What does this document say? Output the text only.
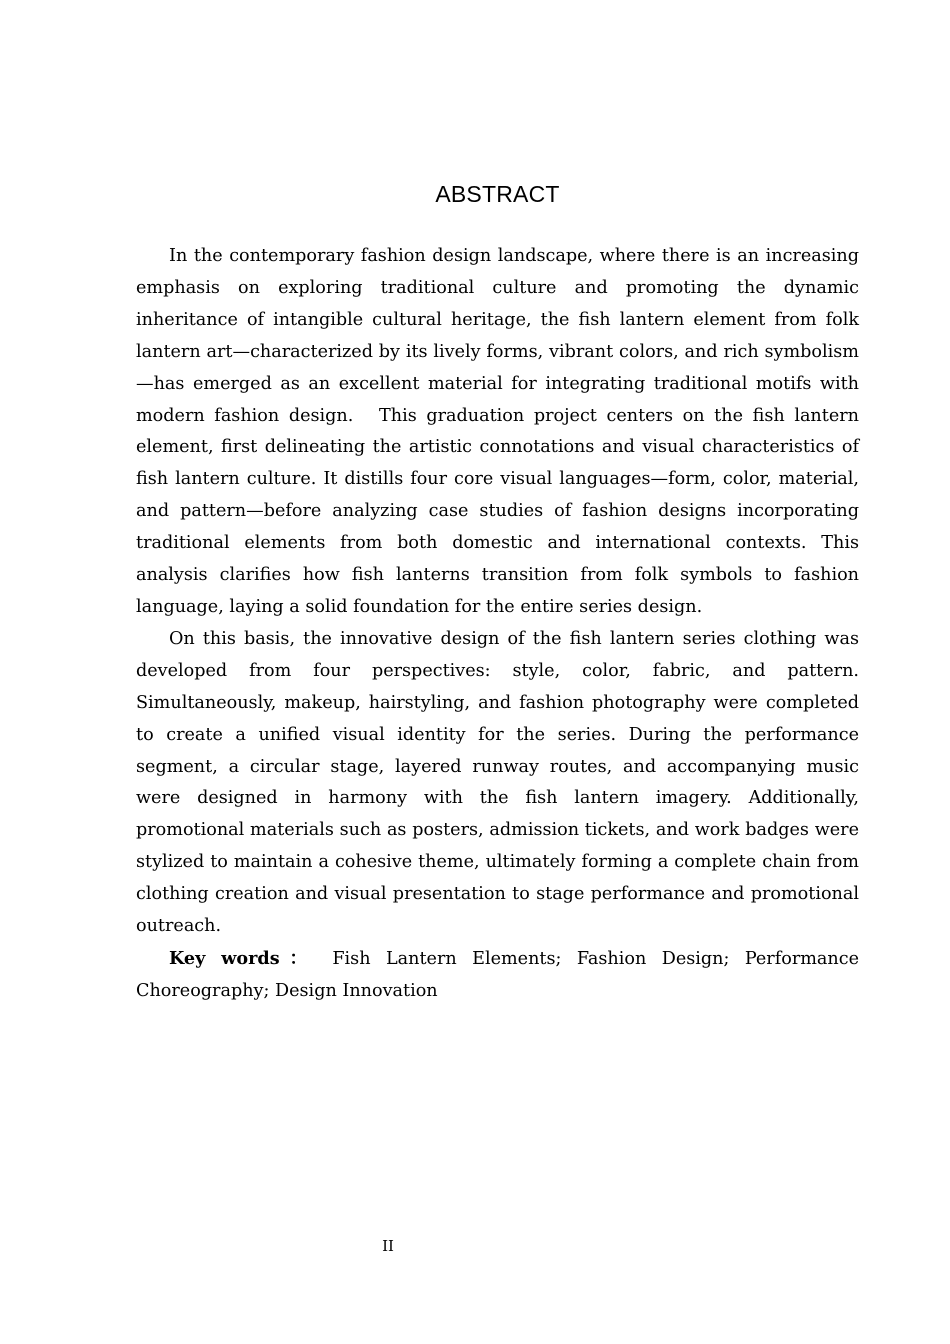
ABSTRACT

In the contemporary fashion design landscape, where there is an increasing emphasis on exploring traditional culture and promoting the dynamic inheritance of intangible cultural heritage, the fish lantern element from folk lantern art—characterized by its lively forms, vibrant colors, and rich symbolism—has emerged as an excellent material for integrating traditional motifs with modern fashion design.　This graduation project centers on the fish lantern element, first delineating the artistic connotations and visual characteristics of fish lantern culture. It distills four core visual languages—form, color, material, and pattern—before analyzing case studies of fashion designs incorporating traditional elements from both domestic and international contexts. This analysis clarifies how fish lanterns transition from folk symbols to fashion language, laying a solid foundation for the entire series design.

On this basis, the innovative design of the fish lantern series clothing was developed from four perspectives: style, color, fabric, and pattern. Simultaneously, makeup, hairstyling, and fashion photography were completed to create a unified visual identity for the series. During the performance segment, a circular stage, layered runway routes, and accompanying music were designed in harmony with the fish lantern imagery. Additionally, promotional materials such as posters, admission tickets, and work badges were stylized to maintain a cohesive theme, ultimately forming a complete chain from clothing creation and visual presentation to stage performance and promotional outreach.

Key words： Fish Lantern Elements; Fashion Design; Performance Choreography; Design Innovation

II
